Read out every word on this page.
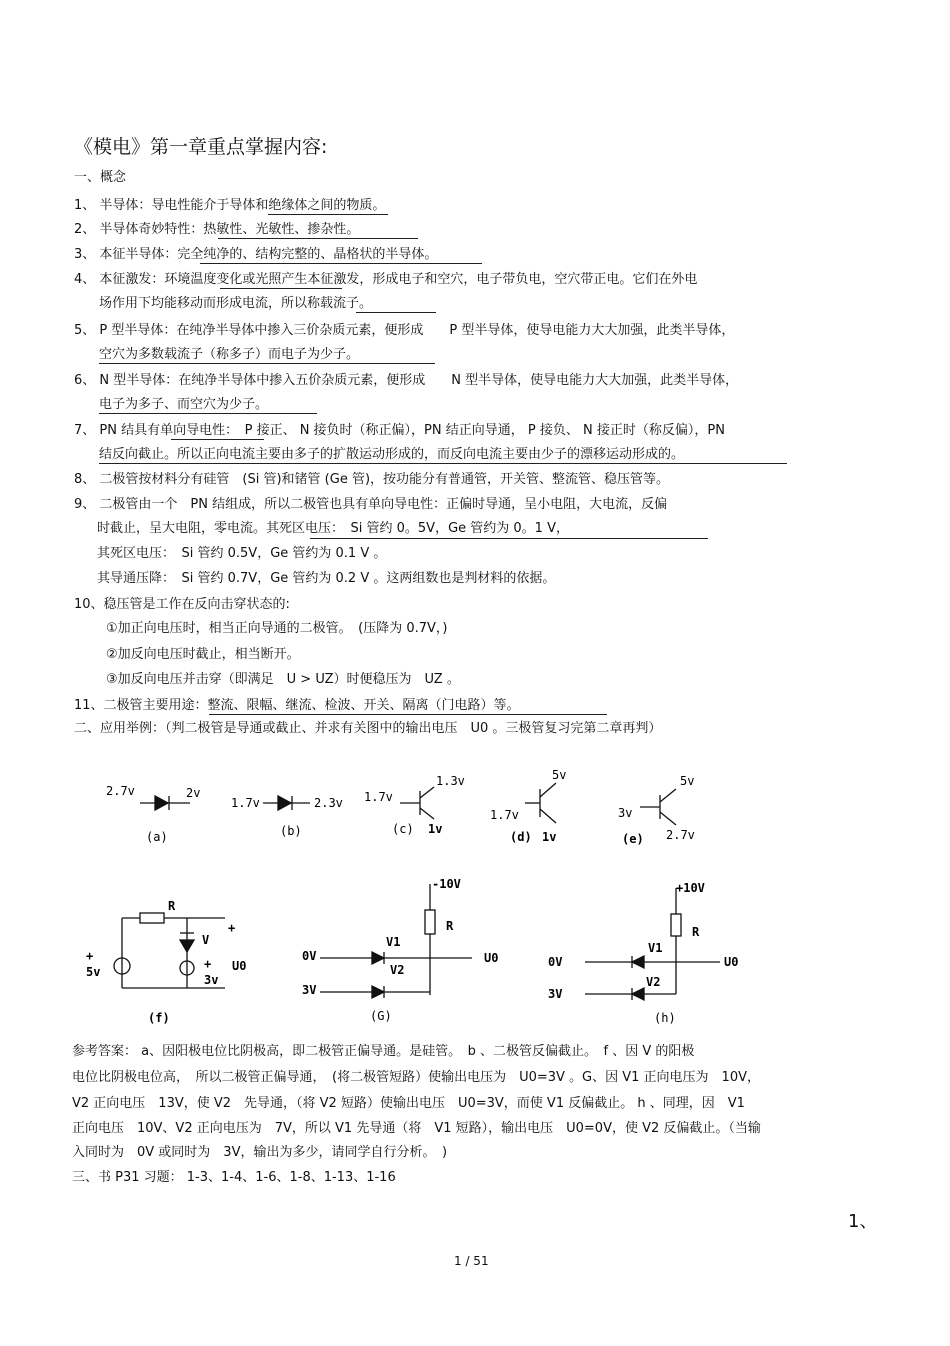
《模电》第一章重点掌握内容:
一、概念
1、 半导体：导电性能介于导体和绝缘体之间的物质。
2、 半导体奇妙特性：热敏性、光敏性、掺杂性。
3、 本征半导体：完全纯净的、结构完整的、晶格状的半导体。
4、 本征激发：环境温度变化或光照产生本征激发，形成电子和空穴，电子带负电，空穴带正电。它们在外电
场作用下均能移动而形成电流，所以称载流子。
5、 P 型半导体：在纯净半导体中掺入三价杂质元素，便形成　　P 型半导体，使导电能力大大加强，此类半导体，
空穴为多数载流子（称多子）而电子为少子。
6、 N 型半导体：在纯净半导体中掺入五价杂质元素，便形成　　N 型半导体，使导电能力大大加强，此类半导体，
电子为多子、而空穴为少子。
7、 PN 结具有单向导电性：　P 接正、 N 接负时（称正偏），PN 结正向导通， P 接负、 N 接正时（称反偏），PN
结反向截止。所以正向电流主要由多子的扩散运动形成的，而反向电流主要由少子的漂移运动形成的。
8、 二极管按材料分有硅管　(Si 管)和锗管 (Ge 管)，按功能分有普通管，开关管、整流管、稳压管等。
9、 二极管由一个　PN 结组成，所以二极管也具有单向导电性：正偏时导通，呈小电阻，大电流，反偏
时截止，呈大电阻，零电流。其死区电压：　Si 管约 0。5V，Ge 管约为 0。1 V，
其死区电压：　Si 管约 0.5V，Ge 管约为 0.1 V 。
其导通压降：　Si 管约 0.7V，Ge 管约为 0.2 V 。这两组数也是判材料的依据。
10、稳压管是工作在反向击穿状态的:
①加正向电压时，相当正向导通的二极管。　(压降为 0.7V，)
②加反向电压时截止，相当断开。
③加反向电压并击穿（即满足　U > UZ）时便稳压为　UZ 。
11、二极管主要用途：整流、限幅、继流、检波、开关、隔离（门电路）等。
二、应用举例：（判二极管是导通或截止、并求有关图中的输出电压　U0 。三极管复习完第二章再判）
2.7v	2v
(a)
1.7v	2.3v
(b)
1.7v
1.3v
1v
(c)
1.7v
5v
1v
(d)
3v
5v
2.7v
(e)
R
V
+
+
5v
+
3v
U0
(f)
-10V
R
V1
V2
0V
3V
U0
+10V
R
V1
V2
0V
3V
U0
(G)	(h)
参考答案： a、因阳极电位比阴极高，即二极管正偏导通。是硅管。　b 、二极管反偏截止。　f 、因 V 的阳极
电位比阴极电位高，　所以二极管正偏导通，　(将二极管短路）使输出电压为　U0=3V 。G、因 V1 正向电压为　10V，
V2 正向电压　13V，使 V2　先导通，（将 V2 短路）使输出电压　U0=3V，而使 V1 反偏截止。 h 、同理，因　V1
正向电压　10V、V2 正向电压为　7V，所以 V1 先导通（将　V1 短路），输出电压　U0=0V，使 V2 反偏截止。（当输
入同时为　0V 或同时为　3V，输出为多少，请同学自行分析。　)
三、书 P31 习题： 1-3、1-4、1-6、1-8、1-13、1-16
1、
1 / 51
